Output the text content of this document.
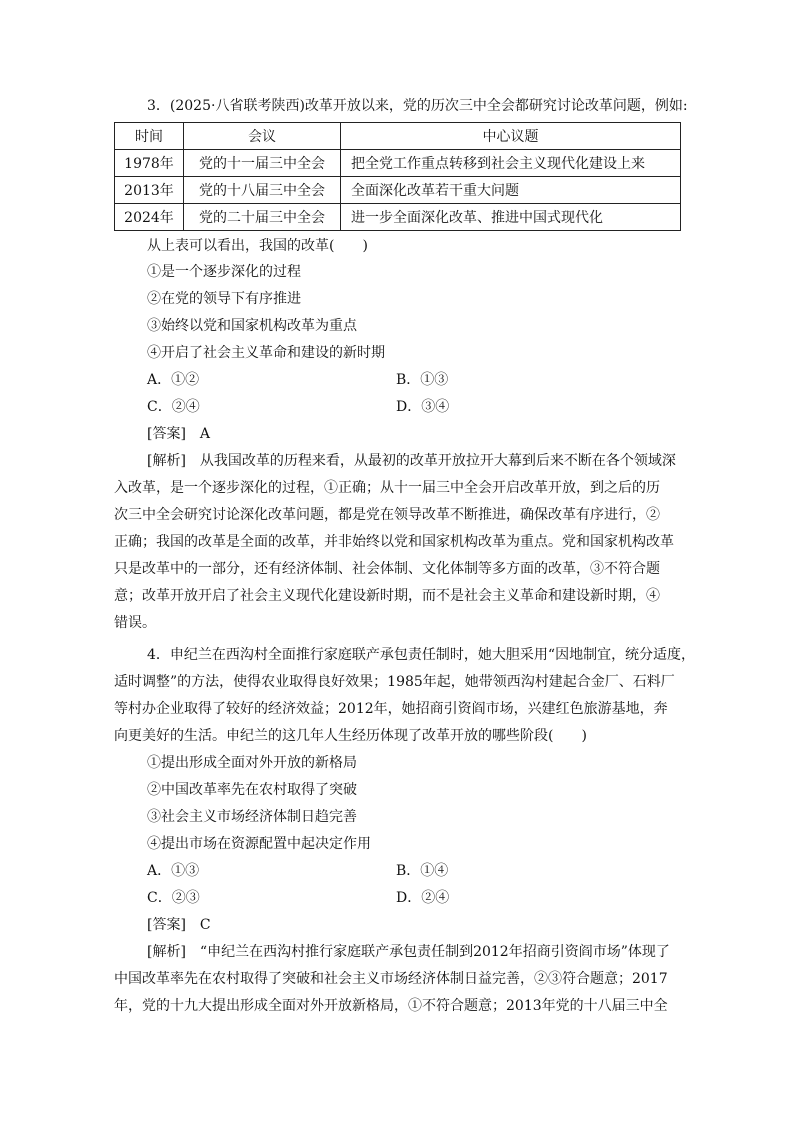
3．(2025·八省联考陕西)改革开放以来，党的历次三中全会都研究讨论改革问题，例如:
时间	会议	中心议题
1978年	党的十一届三中全会	把全党工作重点转移到社会主义现代化建设上来
2013年	党的十八届三中全会	全面深化改革若干重大问题
2024年	党的二十届三中全会	进一步全面深化改革、推进中国式现代化
从上表可以看出，我国的改革(　　)
①是一个逐步深化的过程
②在党的领导下有序推进
③始终以党和国家机构改革为重点
④开启了社会主义革命和建设的新时期
A．①②	B．①③
C．②④	D．③④
[答案]　A
[解析]　从我国改革的历程来看，从最初的改革开放拉开大幕到后来不断在各个领域深
入改革，是一个逐步深化的过程，①正确；从十一届三中全会开启改革开放，到之后的历
次三中全会研究讨论深化改革问题，都是党在领导改革不断推进，确保改革有序进行，②
正确；我国的改革是全面的改革，并非始终以党和国家机构改革为重点。党和国家机构改革
只是改革中的一部分，还有经济体制、社会体制、文化体制等多方面的改革，③不符合题
意；改革开放开启了社会主义现代化建设新时期，而不是社会主义革命和建设新时期，④
错误。
4．申纪兰在西沟村全面推行家庭联产承包责任制时，她大胆采用“因地制宜，统分适度，
适时调整”的方法，使得农业取得良好效果；1985年起，她带领西沟村建起合金厂、石料厂
等村办企业取得了较好的经济效益；2012年，她招商引资阎市场，兴建红色旅游基地，奔
向更美好的生活。申纪兰的这几年人生经历体现了改革开放的哪些阶段(　　)
①提出形成全面对外开放的新格局
②中国改革率先在农村取得了突破
③社会主义市场经济体制日趋完善
④提出市场在资源配置中起决定作用
A．①③	B．①④
C．②③	D．②④
[答案]　C
[解析]　“申纪兰在西沟村推行家庭联产承包责任制到2012年招商引资阎市场”体现了
中国改革率先在农村取得了突破和社会主义市场经济体制日益完善，②③符合题意；2017
年，党的十九大提出形成全面对外开放新格局，①不符合题意；2013年党的十八届三中全
